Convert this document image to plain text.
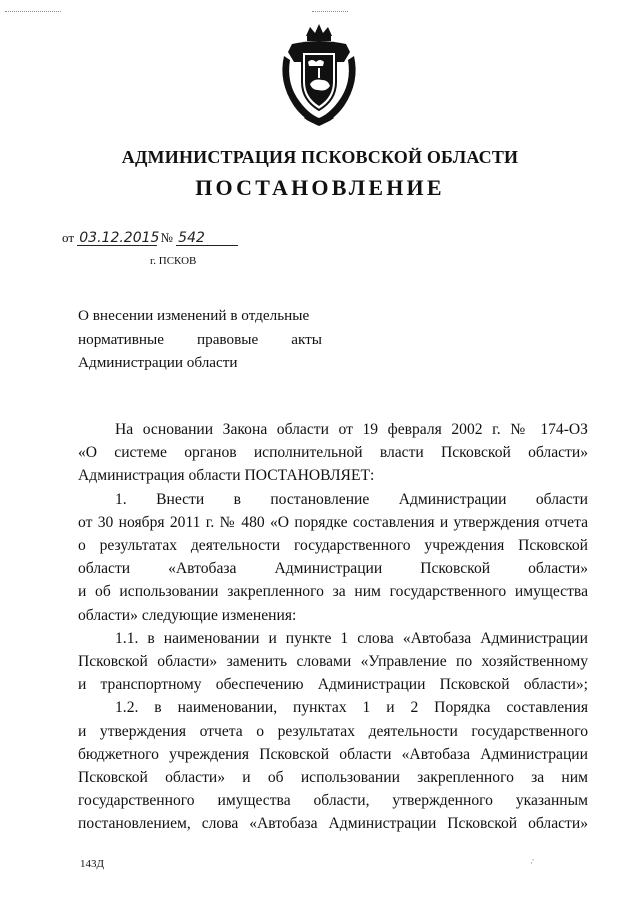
АДМИНИСТРАЦИЯ ПСКОВСКОЙ ОБЛАСТИ
ПОСТАНОВЛЕНИЕ
от 03.12.2015 № 542
г. ПСКОВ
О внесении изменений в отдельные
нормативные правовые акты
Администрации области
На основании Закона области от 19 февраля 2002 г. № 174-ОЗ
«О системе органов исполнительной власти Псковской области»
Администрация области ПОСТАНОВЛЯЕТ:
1. Внести в постановление Администрации области
от 30 ноября 2011 г. № 480 «О порядке составления и утверждения отчета
о результатах деятельности государственного учреждения Псковской
области «Автобаза Администрации Псковской области»
и об использовании закрепленного за ним государственного имущества
области» следующие изменения:
1.1. в наименовании и пункте 1 слова «Автобаза Администрации
Псковской области» заменить словами «Управление по хозяйственному
и транспортному обеспечению Администрации Псковской области»;
1.2. в наименовании, пунктах 1 и 2 Порядка составления
и утверждения отчета о результатах деятельности государственного
бюджетного учреждения Псковской области «Автобаза Администрации
Псковской области» и об использовании закрепленного за ним
государственного имущества области, утвержденного указанным
постановлением, слова «Автобаза Администрации Псковской области»
143Д	·̓
